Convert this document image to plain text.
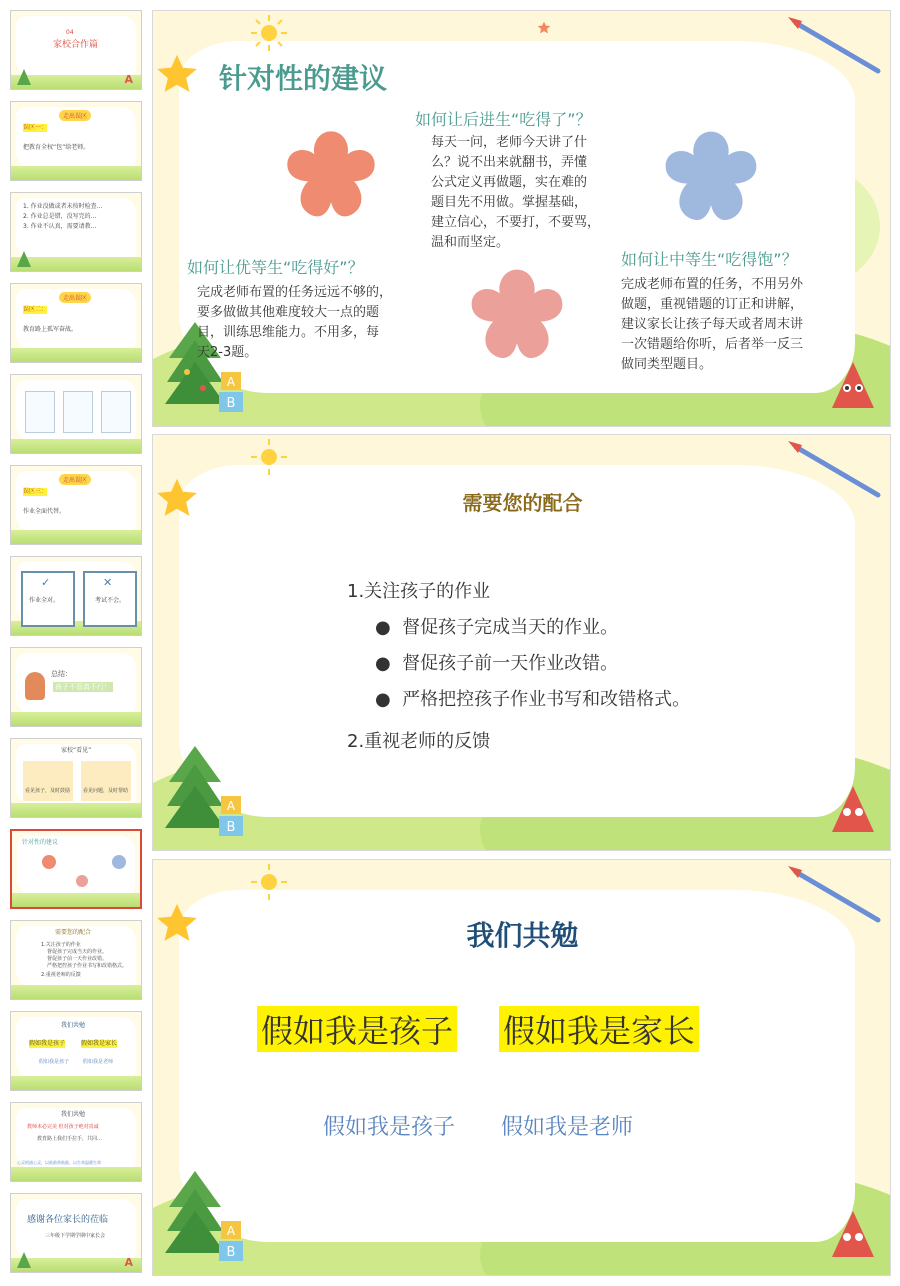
A
04
家校合作篇
走出误区
误区一：
把教育全权“包”给老师。
1. 作业没做或者未按时检查…
2. 作业总是错，没写完的…
3. 作业不认真，需要请教…
走出误区
误区二：
教育路上孤军奋战。
走出误区
误区三：
作业全面代替。
✓	✕
作业全对。	考试不会。
总结：
孩子不管真不行！
家校“看见”
看见孩子，及时鼓励	看见问题，及时帮助
针对性的建议
需要您的配合
1.关注孩子的作业
督促孩子完成当天的作业。
督促孩子前一天作业改错。
严格把控孩子作业书写和改错格式。
2.重视老师的反馈
我们共勉
假如我是孩子	假如我是家长
假如我是孩子	假如我是老师
我们共勉
教师未必完美 但对孩子绝对真诚
教育路上我们手拉手，共同…
心灵相通心灵，以鼓励带鼓励，以生命温暖生命
A
感谢各位家长的莅临
三年级下学期学期中家长会
A
B
针对性的建议
如何让后进生“吃得了”？
每天一问，老师今天讲了什
么？说不出来就翻书，弄懂
公式定义再做题，实在难的
题目先不用做。掌握基础，
建立信心，不要打，不要骂，
温和而坚定。
如何让优等生“吃得好”？
完成老师布置的任务远远不够的，
要多做做其他难度较大一点的题
目，训练思维能力。不用多，每
天2-3题。
如何让中等生“吃得饱”？
完成老师布置的任务，不用另外
做题，重视错题的订正和讲解，
建议家长让孩子每天或者周末讲
一次错题给你听，后者举一反三
做同类型题目。
A
B
需要您的配合
1.关注孩子的作业
● 督促孩子完成当天的作业。
● 督促孩子前一天作业改错。
● 严格把控孩子作业书写和改错格式。
2.重视老师的反馈
A
B
我们共勉
假如我是孩子 假如我是家长
假如我是孩子 假如我是老师
